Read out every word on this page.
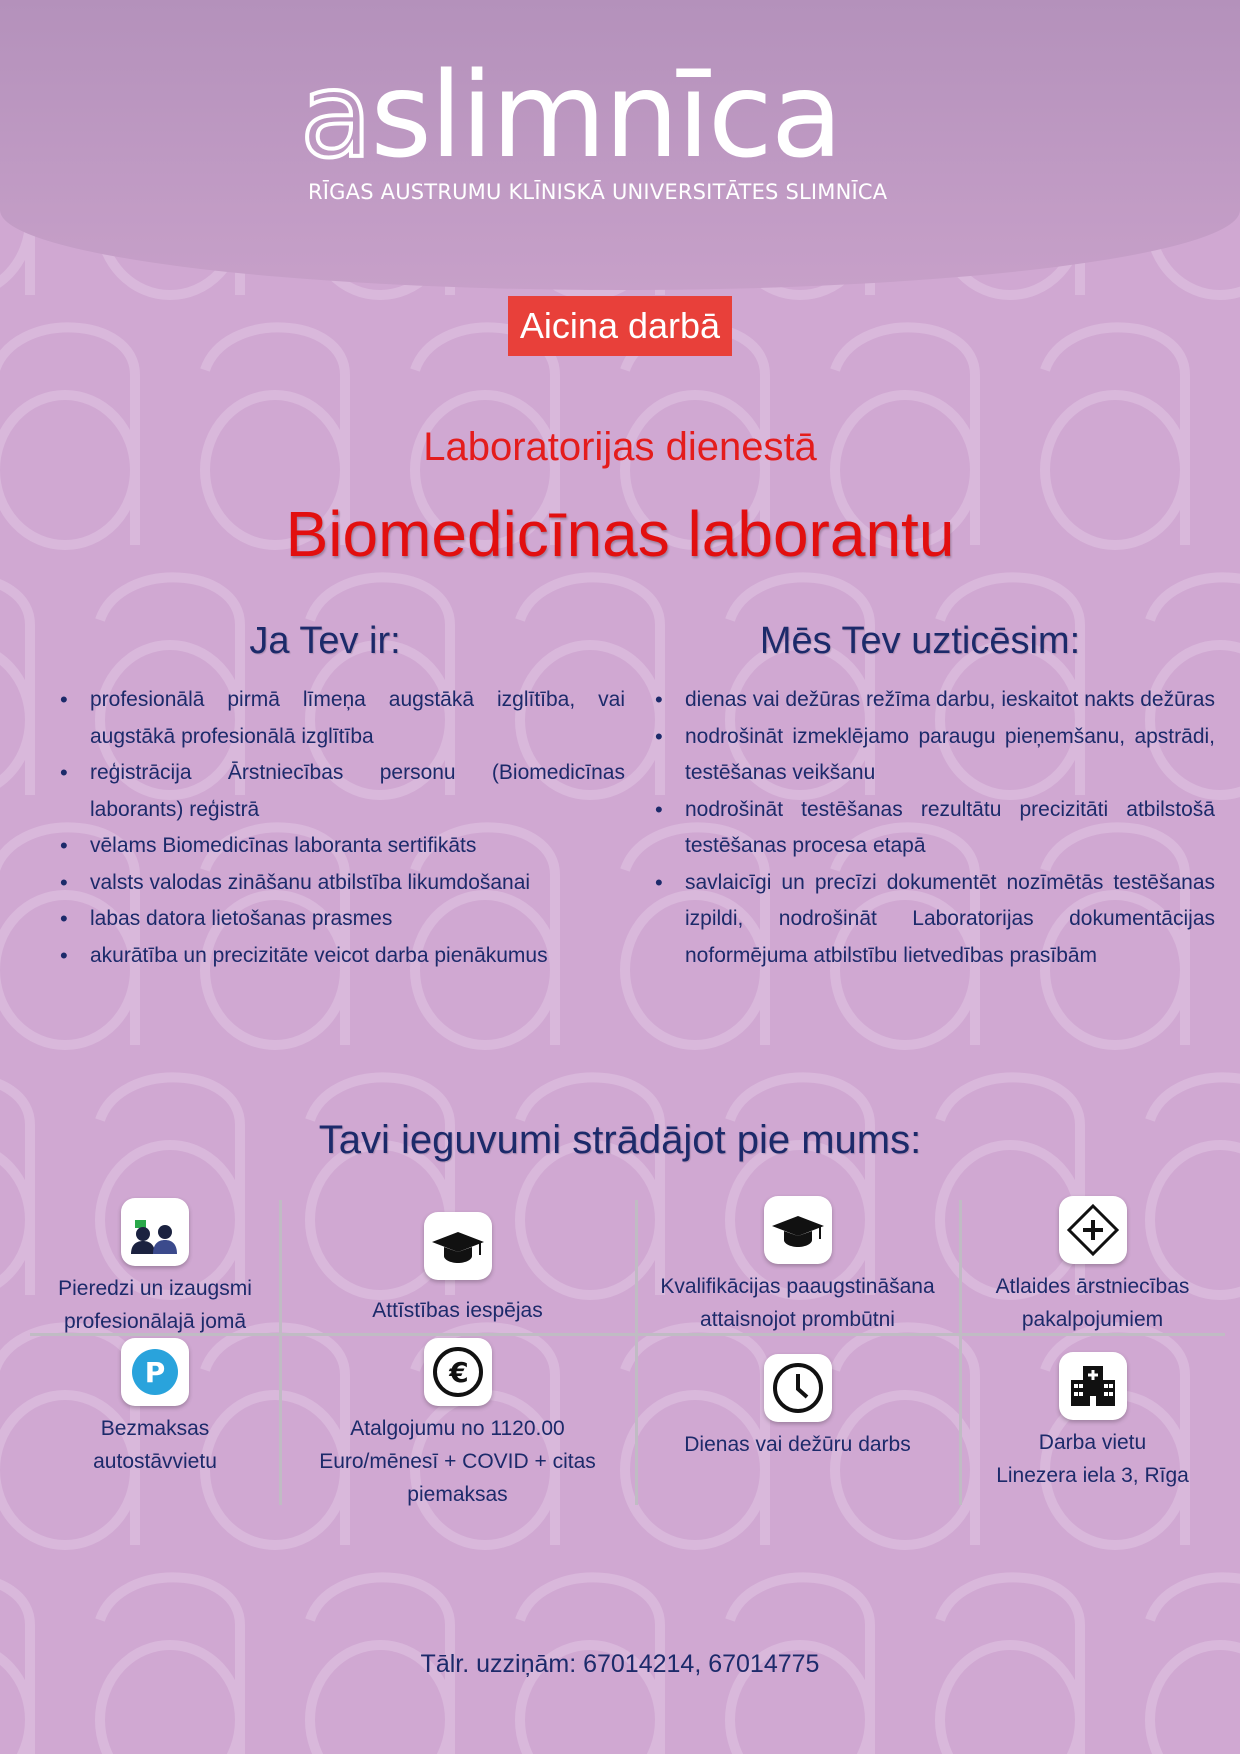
aslimnīca
RĪGAS AUSTRUMU KLĪNISKĀ UNIVERSITĀTES SLIMNĪCA
Aicina darbā
Laboratorijas dienestā
Biomedicīnas laborantu
Ja Tev ir:
• profesionālā pirmā līmeņa augstākā izglītība, vai augstākā profesionālā izglītība
• reģistrācija Ārstniecības personu (Biomedicīnas laborants) reģistrā
• vēlams Biomedicīnas laboranta sertifikāts
• valsts valodas zināšanu atbilstība likumdošanai
• labas datora lietošanas prasmes
• akurātība un precizitāte veicot darba pienākumus
Mēs Tev uzticēsim:
• dienas vai dežūras režīma darbu, ieskaitot nakts dežūras
• nodrošināt izmeklējamo paraugu pieņemšanu, apstrādi, testēšanas veikšanu
• nodrošināt testēšanas rezultātu precizitāti atbilstošā testēšanas procesa etapā
• savlaicīgi un precīzi dokumentēt nozīmētās testēšanas izpildi, nodrošināt Laboratorijas dokumentācijas noformējuma atbilstību lietvedības prasībām
Tavi ieguvumi strādājot pie mums:
Pieredzi un izaugsmi
profesionālajā jomā	Attīstības iespējas
Kvalifikācijas paaugstināšana
attaisnojot prombūtni
Atlaides ārstniecības
pakalpojumiem
P
Bezmaksas
autostāvvietu
€
Atalgojumu no 1120.00
Euro/mēnesī + COVID + citas
piemaksas
Dienas vai dežūru darbs	Darba vietu
Linezera iela 3, Rīga
Tālr. uzziņām: 67014214, 67014775
